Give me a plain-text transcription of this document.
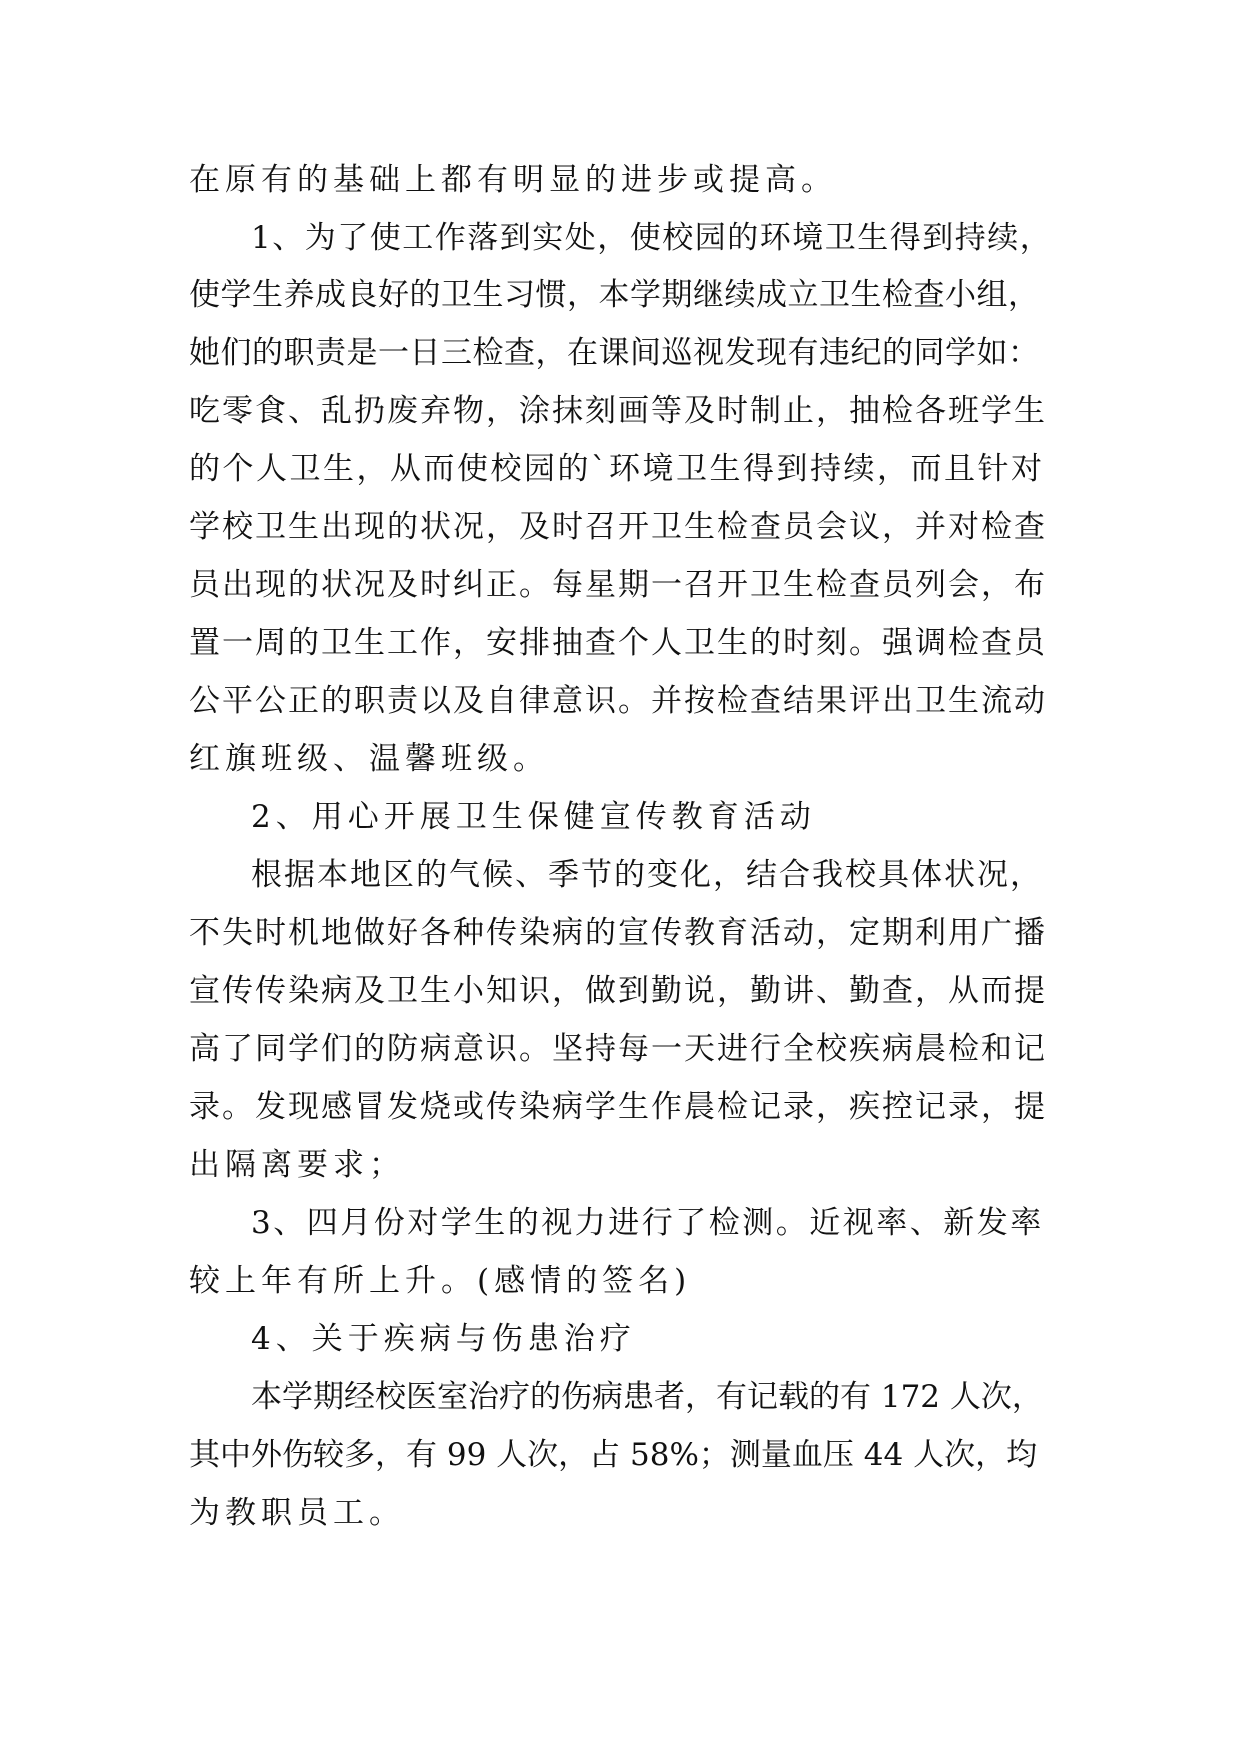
在原有的基础上都有明显的进步或提高。

1、为了使工作落到实处，使校园的环境卫生得到持续，

使学生养成良好的卫生习惯，本学期继续成立卫生检查小组，

她们的职责是一日三检查，在课间巡视发现有违纪的同学如：

吃零食、乱扔废弃物，涂抹刻画等及时制止，抽检各班学生

的个人卫生，从而使校园的`环境卫生得到持续，而且针对

学校卫生出现的状况，及时召开卫生检查员会议，并对检查

员出现的状况及时纠正。每星期一召开卫生检查员列会，布

置一周的卫生工作，安排抽查个人卫生的时刻。强调检查员

公平公正的职责以及自律意识。并按检查结果评出卫生流动

红旗班级、温馨班级。

2、用心开展卫生保健宣传教育活动

根据本地区的气候、季节的变化，结合我校具体状况，

不失时机地做好各种传染病的宣传教育活动，定期利用广播

宣传传染病及卫生小知识，做到勤说，勤讲、勤查，从而提

高了同学们的防病意识。坚持每一天进行全校疾病晨检和记

录。发现感冒发烧或传染病学生作晨检记录，疾控记录，提

出隔离要求；

3、四月份对学生的视力进行了检测。近视率、新发率

较上年有所上升。(感情的签名)

4、关于疾病与伤患治疗

本学期经校医室治疗的伤病患者，有记载的有 172 人次，

其中外伤较多，有 99 人次，占 58%；测量血压 44 人次，均

为教职员工。
